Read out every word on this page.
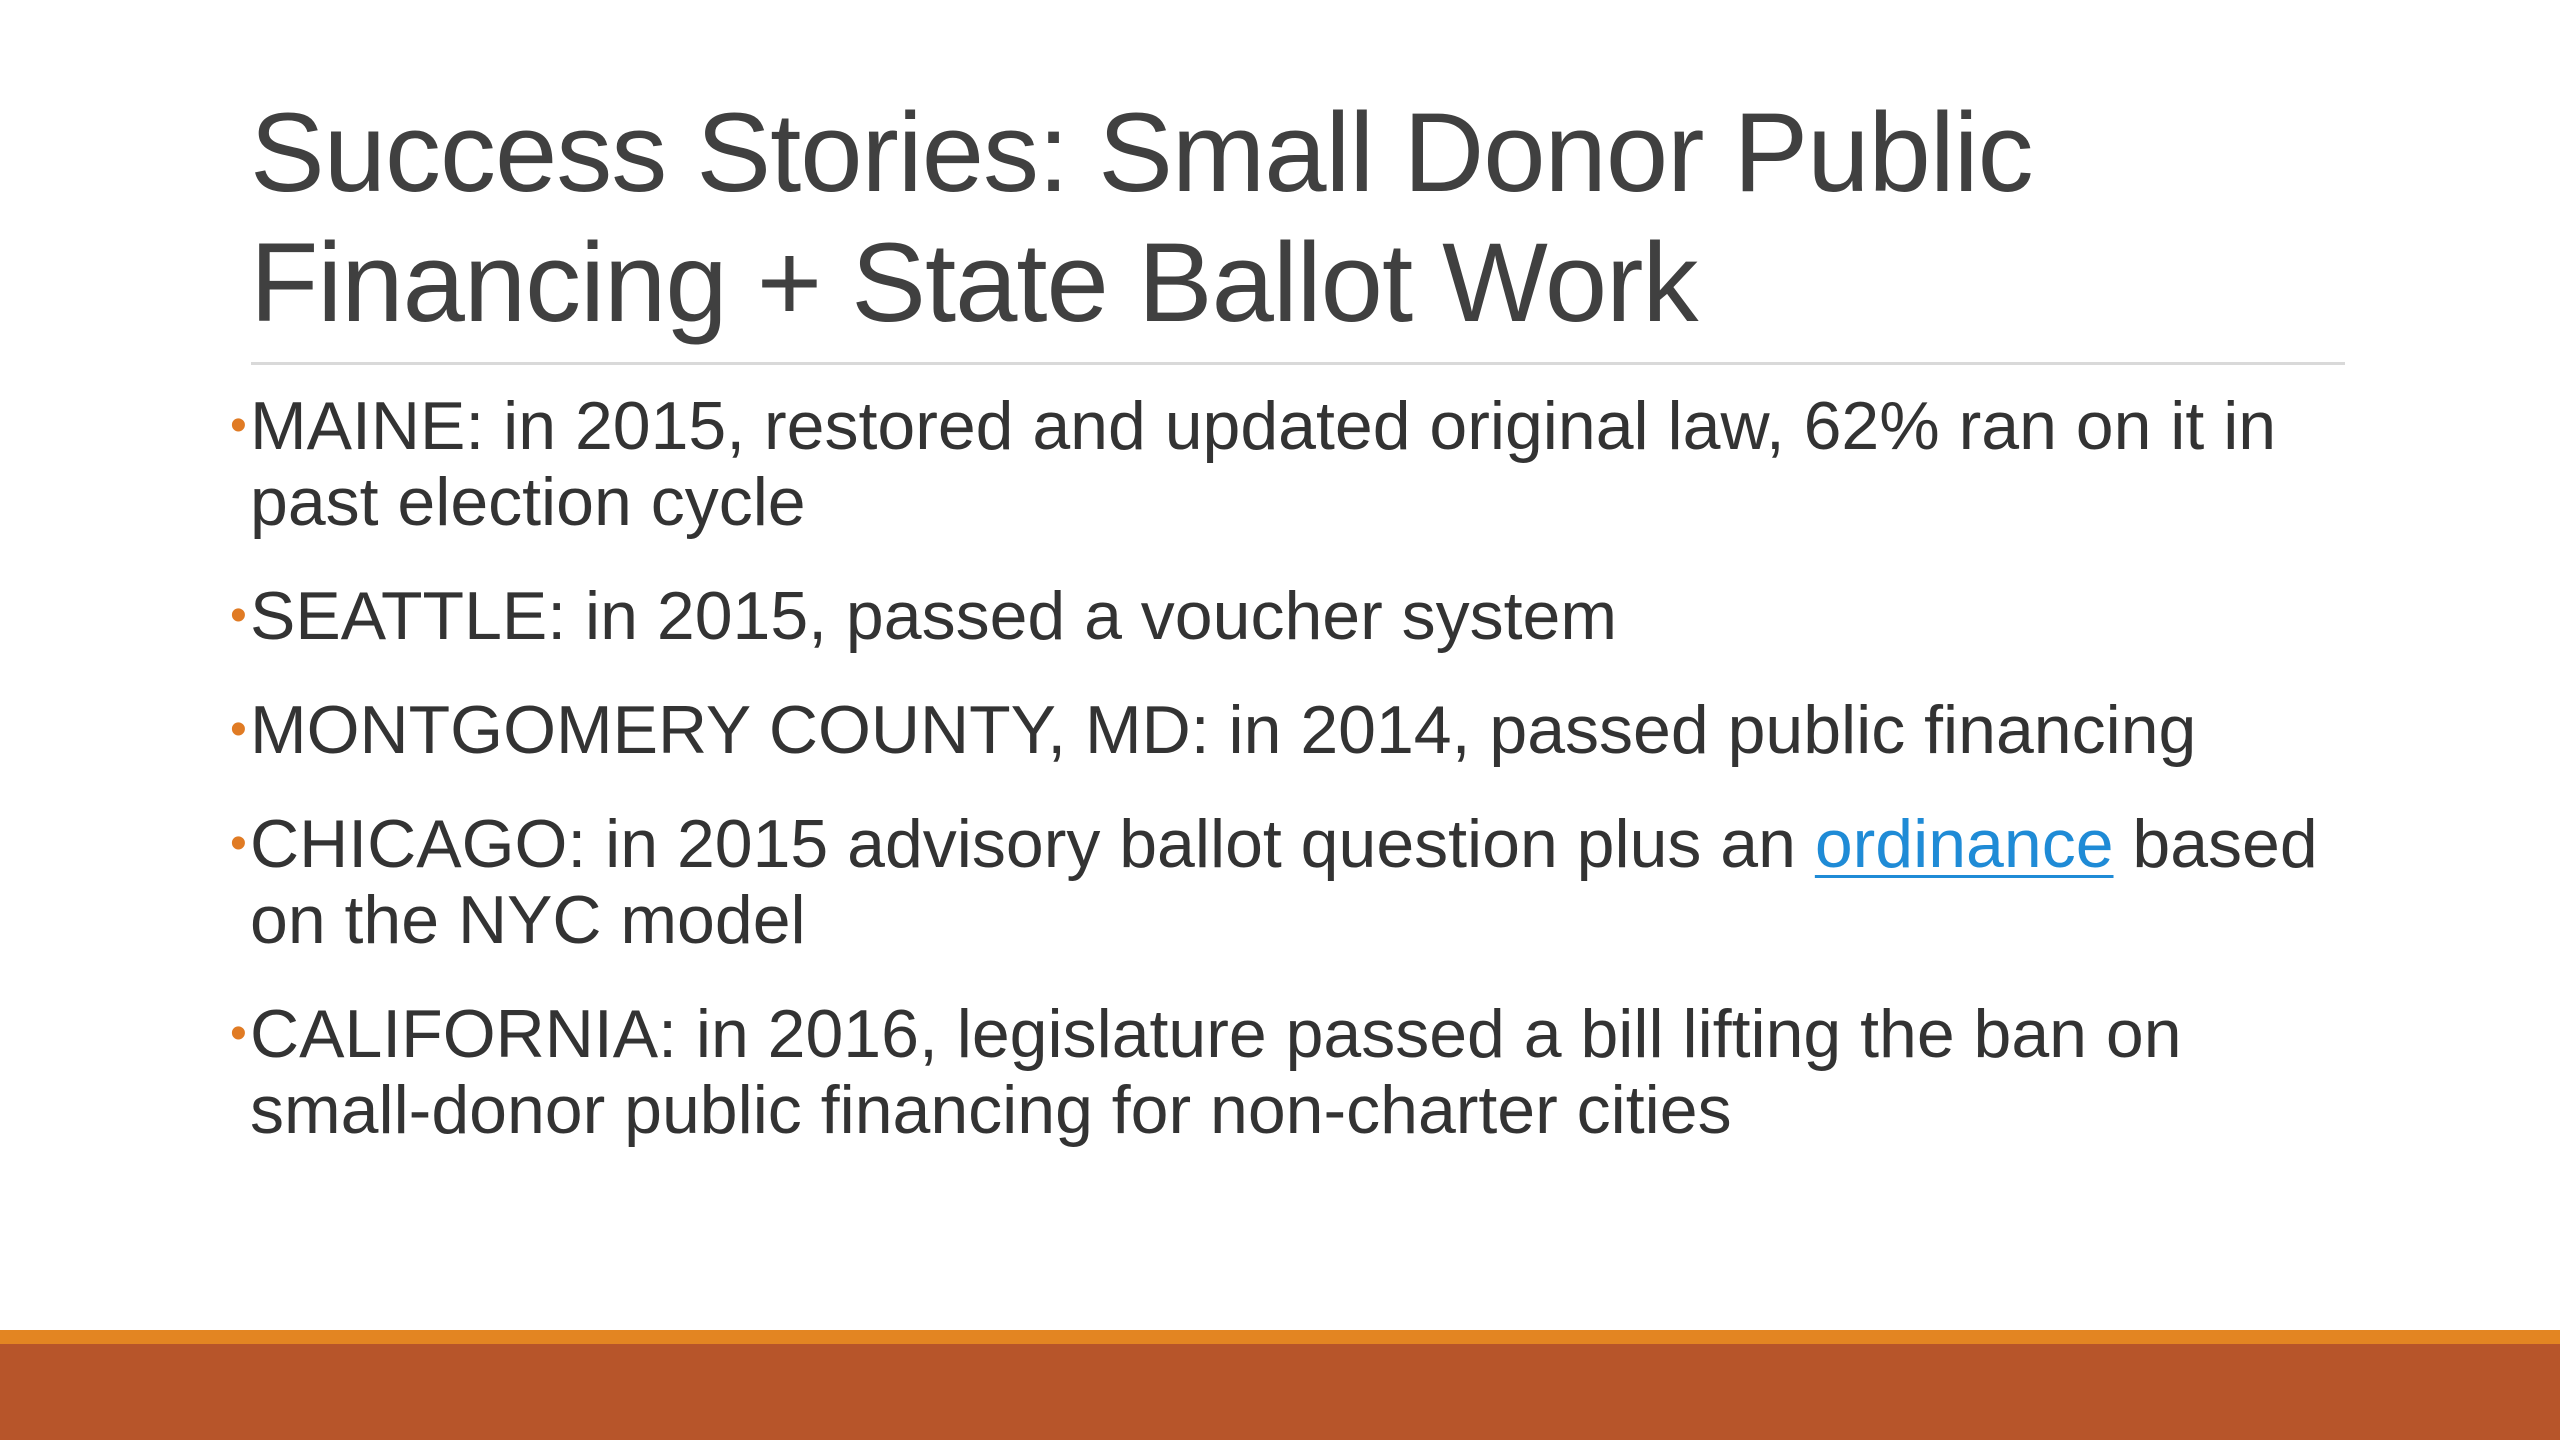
Success Stories: Small Donor Public
Financing + State Ballot Work
• MAINE: in 2015, restored and updated original law, 62% ran on it in past election cycle
• SEATTLE: in 2015, passed a voucher system
• MONTGOMERY COUNTY, MD: in 2014, passed public financing
• CHICAGO: in 2015 advisory ballot question plus an ordinance based on the NYC model
• CALIFORNIA: in 2016, legislature passed a bill lifting the ban on small-donor public financing for non-charter cities
